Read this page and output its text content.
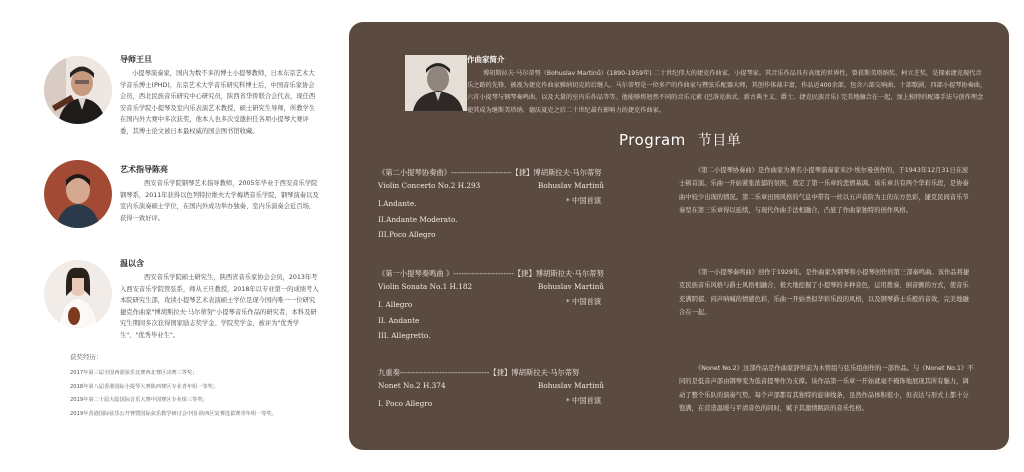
导师王旦

小提琴演奏家，国内为数不多的博士小提琴教师，日本东京艺术大学音乐博士(PHD)，东京艺术大学音乐研究科博士后，中国音乐家协会会员，西北民族音乐研究中心研究员，陕西省华侨联合会代表，现任西安音乐学院小提琴及室内乐表演艺术教授，硕士研究生导师，所教学生在国内外大赛中多次获奖，他本人也多次受邀担任各项小提琴大赛评委，其博士论文被日本最权威的国会图书馆收藏。

艺术指导陈亮

西安音乐学院钢琴艺术指导教师，2005年毕业于西安音乐学院钢琴系，2011年获得以色列特拉维夫大学梅塔音乐学院，钢琴演奏以及室内乐演奏硕士学位，在国内外成功举办独奏、室内乐演奏会近百场，获得一致好评。

温以含

西安音乐学院硕士研究生，陕西省音乐家协会会员，2013年考入西安音乐学院管弦系，师从王旦教授，2018年以专业第一的成绩考入本院研究生部，攻读小提琴艺术表演硕士学位是现今国内唯一一位研究捷克作曲家"博胡斯拉夫·马尔蒂努"小提琴音乐作品的研究者，本科及研究生期间多次获得国家励志奖学金、学院奖学金，被评为"优秀学生"、"优秀毕业生"。

获奖经历：
2017年第三届全国西部弦乐比赛西北赛区决赛三等奖；
2018年第八届香港国际小提琴大赛陕西赛区专业青年组一等奖；
2019年第二十届大陆国际音乐大赛中国赛区专业组三等奖；
2019年香港国际弦乐公开赛暨国际弦乐教学研讨会中国·陕西区复赛选拔赛青年组一等奖。
作曲家简介
博胡斯拉夫·马尔蒂努（Bohuslav Martinů）(1890-1959年) 二十世纪伟大的捷克作曲家、小提琴家。其音乐作品具有高度的世界性，曾获斯美塔纳奖、柯立芝奖，是探索捷克现代音乐之路的先锋，被视为捷克作曲家雅纳切克的后继人。马尔蒂努是一位多产的作曲家与暨弦乐配器大师，其创作体裁丰富，作品近400余部，包含六部交响曲、十部歌剧、四部小提琴协奏曲，六首小提琴与钢琴奏鸣曲，以及大量的室内乐作品等等。他能够将迥然不同的音乐元素 (巴洛克曲式、新古典主义、爵士、捷克民族音乐) 完美地融合在一起，加上独特的配器手法与创作理念使其成为继斯美塔纳、德沃夏克之后二十世纪最有影响力的捷克作曲家。
Program 节目单
《第二小提琴协奏曲》-----------------------【捷】博胡斯拉夫·马尔蒂努
Violin Concerto No.2 H.293	Bohuslav Martinů
* 中国首演
I.Andante.
II.Andante Moderato.
III.Poco Allegro
《第二小提琴协奏曲》是作曲家为著名小提琴演奏家米沙·埃尔曼创作的，于1943年12月31日在波士顿首演。乐曲一开始紧张浓郁的氛围，奠定了第一乐章的悲情基调。该乐章共有两个华彩乐段，是协奏曲中较少出现的情况。第二乐章田园风格的气息中带有一丝以五声音阶为主的东方色彩，捷克民间音乐节奏型在第三乐章得以延续，与现代作曲手法相融合，凸显了作曲家独特的创作风格。
《第一小提琴奏鸣曲 》-----------------------【捷】博胡斯拉夫·马尔蒂努
Violin Sonata No.1 H.182	Bohuslav Martinů
* 中国首演
I. Allegro
II. Andante
III. Allegretto.
《第一小提琴奏鸣曲》创作于1929年。是作曲家为钢琴和小提琴创作的第三部奏鸣曲。该作品将捷克民族音乐风格与爵士风格相融合，极大地挖掘了小提琴的多种音色，运用拨奏、倒音颤的方式，使音乐充满阴郁、闷声呐喊的情感色彩，乐曲一开始类似华彩乐段的风格，以及钢琴爵士乐般的音效，完美地融合在一起。
九重奏----------------------------------【捷】博胡斯拉夫·马尔蒂努
Nonet No.2 H.374	Bohuslav Martinů
* 中国首演
I. Poco Allegro
《Nonet No.2》这部作品是作曲家辞世前为木管组与弦乐组创作的一部作品。与《Nonet No.1》不同的是低音声部由钢琴变为低音提琴作为支撑。该作品第一乐章一开始就毫不掩饰地展现其所有魅力，调动了整个乐队的演奏气势。每个声部都有其独特的旋律线条，虽然作品体积很小，但表达与形式上都十分饱满，在营造温暖与平清音色的同时，赋予其激情跳跃的音乐性格。
